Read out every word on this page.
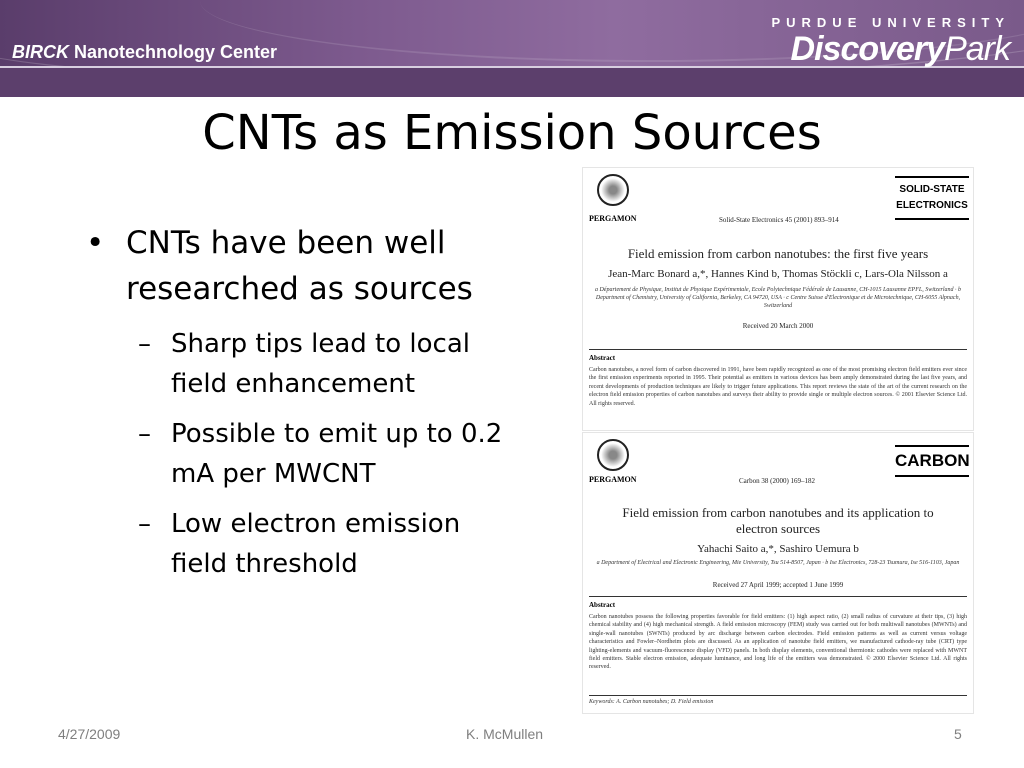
BIRCK Nanotechnology Center
PURDUE UNIVERSITY
DiscoveryPark
CNTs as Emission Sources
• CNTs have been well researched as sources
– Sharp tips lead to local field enhancement
– Possible to emit up to 0.2 mA per MWCNT
– Low electron emission field threshold
PERGAMON	Solid-State Electronics 45 (2001) 893–914
SOLID-STATE ELECTRONICS
Field emission from carbon nanotubes: the first five years
Jean-Marc Bonard a,*, Hannes Kind b, Thomas Stöckli c, Lars-Ola Nilsson a
a Département de Physique, Institut de Physique Expérimentale, Ecole Polytechnique Fédérale de Lausanne, CH-1015 Lausanne EPFL, Switzerland · b Department of Chemistry, University of California, Berkeley, CA 94720, USA · c Centre Suisse d'Electronique et de Microtechnique, CH-6055 Alpnach, Switzerland
Received 20 March 2000
Abstract
Carbon nanotubes, a novel form of carbon discovered in 1991, have been rapidly recognized as one of the most promising electron field emitters ever since the first emission experiments reported in 1995. Their potential as emitters in various devices has been amply demonstrated during the last five years, and recent developments of production techniques are likely to trigger future applications. This report reviews the state of the art of the current research on the electron field emission properties of carbon nanotubes and surveys their ability to provide single or multiple electron sources. © 2001 Elsevier Science Ltd. All rights reserved.
PERGAMON	Carbon 38 (2000) 169–182
CARBON
Field emission from carbon nanotubes and its application to electron sources
Yahachi Saito a,*, Sashiro Uemura b
a Department of Electrical and Electronic Engineering, Mie University, Tsu 514-8507, Japan · b Ise Electronics, 728-23 Tsumura, Ise 516-1103, Japan
Received 27 April 1999; accepted 1 June 1999
Abstract
Carbon nanotubes possess the following properties favorable for field emitters: (1) high aspect ratio, (2) small radius of curvature at their tips, (3) high chemical stability and (4) high mechanical strength. A field emission microscopy (FEM) study was carried out for both multiwall nanotubes (MWNTs) and single-wall nanotubes (SWNTs) produced by arc discharge between carbon electrodes. Field emission patterns as well as current versus voltage characteristics and Fowler–Nordheim plots are discussed. As an application of nanotube field emitters, we manufactured cathode-ray tube (CRT) type lighting-elements and vacuum-fluorescence display (VFD) panels. In both display elements, conventional thermionic cathodes were replaced with MWNT field emitters. Stable electron emission, adequate luminance, and long life of the emitters was demonstrated. © 2000 Elsevier Science Ltd. All rights reserved.
Keywords: A. Carbon nanotubes; D. Field emission
4/27/2009	K. McMullen	5
